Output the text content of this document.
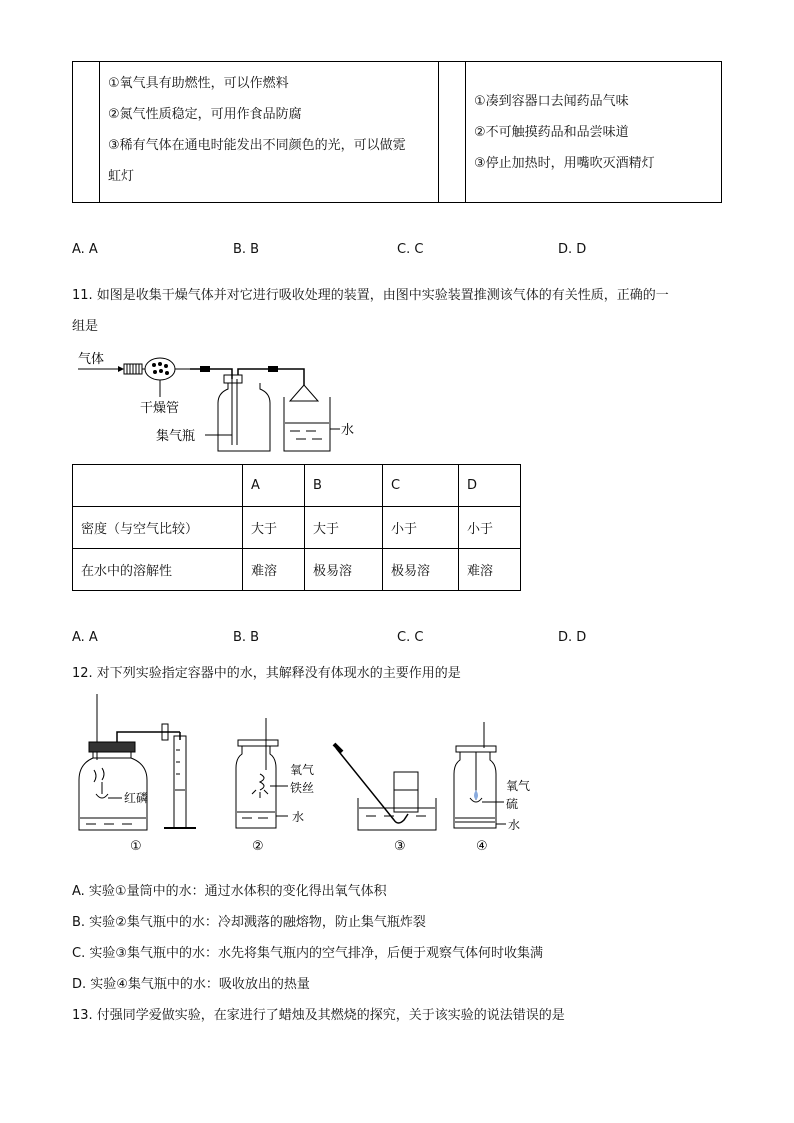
①氧气具有助燃性，可以作燃料
②氮气性质稳定，可用作食品防腐
③稀有气体在通电时能发出不同颜色的光，可以做霓
虹灯

①凑到容器口去闻药品气味
②不可触摸药品和品尝味道
③停止加热时，用嘴吹灭酒精灯
A. A	B. B	C. C	D. D
11. 如图是收集干燥气体并对它进行吸收处理的装置，由图中实验装置推测该气体的有关性质，正确的一
组是
气体
干燥管
集气瓶	水
	A	B	C	D
密度（与空气比较）	大于	大于	小于	小于
在水中的溶解性	难溶	极易溶	极易溶	难溶
A. A	B. B	C. C	D. D
12. 对下列实验指定容器中的水，其解释没有体现水的主要作用的是
红磷
①
氧气
铁丝
水
②	③
氧气
硫
水
④
A. 实验①量筒中的水：通过水体积的变化得出氧气体积
B. 实验②集气瓶中的水：冷却溅落的融熔物，防止集气瓶炸裂
C. 实验③集气瓶中的水：水先将集气瓶内的空气排净，后便于观察气体何时收集满
D. 实验④集气瓶中的水：吸收放出的热量
13. 付强同学爱做实验，在家进行了蜡烛及其燃烧的探究，关于该实验的说法错误的是
